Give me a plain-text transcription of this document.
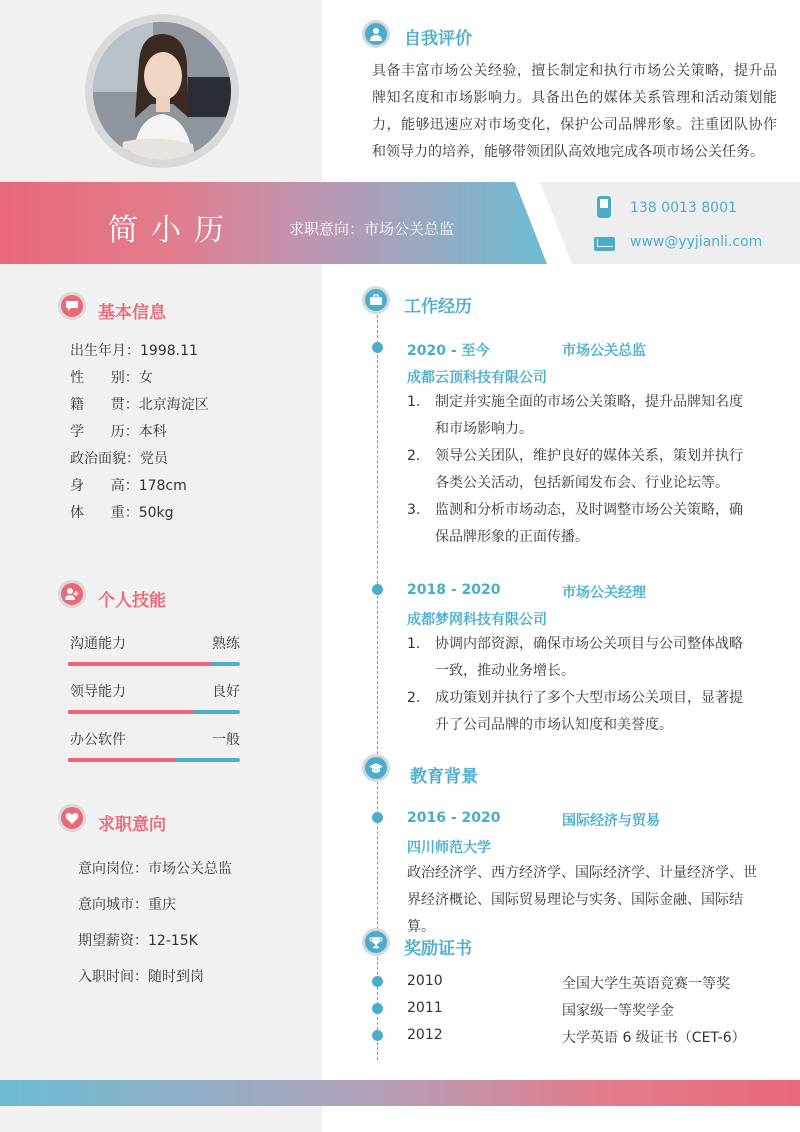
自我评价
具备丰富市场公关经验，擅长制定和执行市场公关策略，提升品牌知名度和市场影响力。具备出色的媒体关系管理和活动策划能力，能够迅速应对市场变化，保护公司品牌形象。注重团队协作和领导力的培养，能够带领团队高效地完成各项市场公关任务。
简小历	求职意向：市场公关总监
138 0013 8001
www@yyjianli.com
基本信息
出生年月：1998.11
性      别：女
籍      贯：北京海淀区
学      历：本科
政治面貌：党员
身      高：178cm
体      重：50kg
个人技能
沟通能力	熟练
领导能力	良好
办公软件	一般
求职意向
意向岗位：市场公关总监
意向城市：重庆
期望薪资：12-15K
入职时间：随时到岗
工作经历
2020 - 至今	市场公关总监
成都云顶科技有限公司
1. 制定并实施全面的市场公关策略，提升品牌知名度和市场影响力。
2. 领导公关团队，维护良好的媒体关系，策划并执行各类公关活动，包括新闻发布会、行业论坛等。
3. 监测和分析市场动态，及时调整市场公关策略，确保品牌形象的正面传播。
2018 - 2020	市场公关经理
成都梦网科技有限公司
1. 协调内部资源，确保市场公关项目与公司整体战略一致，推动业务增长。
2. 成功策划并执行了多个大型市场公关项目，显著提升了公司品牌的市场认知度和美誉度。
教育背景
2016 - 2020	国际经济与贸易
四川师范大学
政治经济学、西方经济学、国际经济学、计量经济学、世界经济概论、国际贸易理论与实务、国际金融、国际结算。
奖励证书
2010	全国大学生英语竞赛一等奖
2011	国家级一等奖学金
2012	大学英语 6 级证书（CET-6）
